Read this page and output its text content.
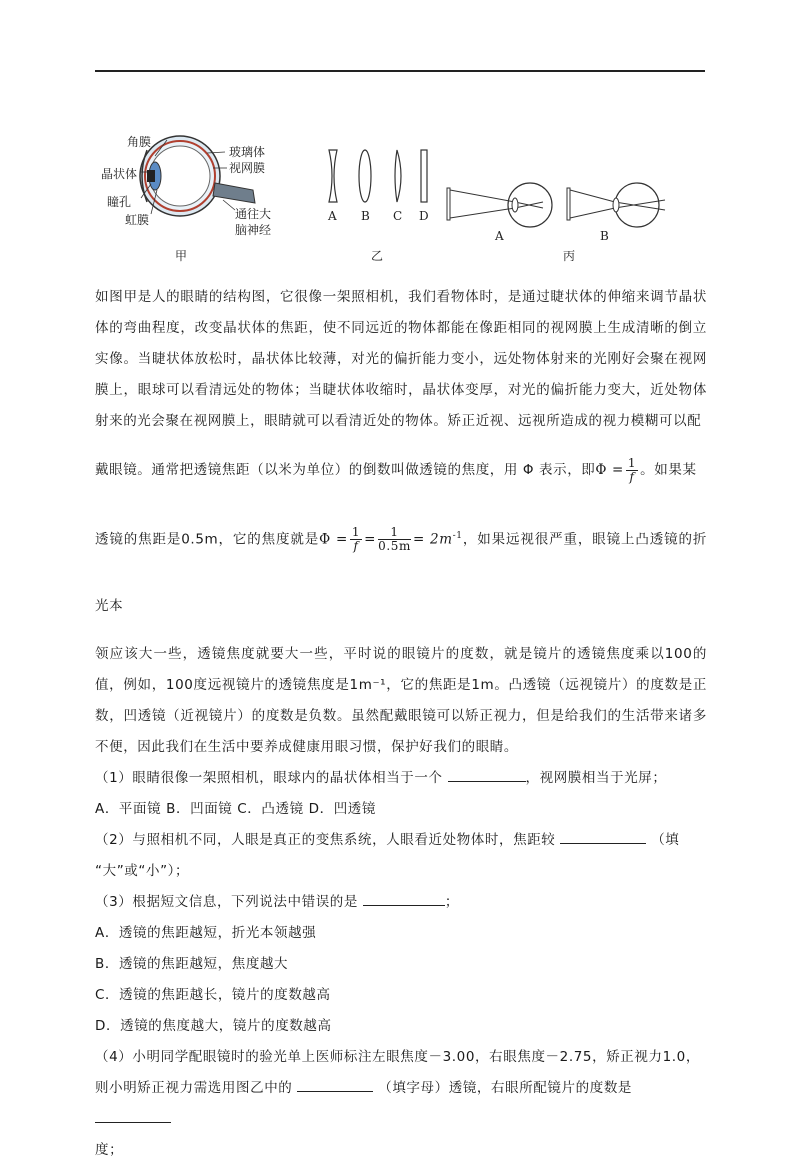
角膜
晶状体
瞳孔
虹膜
玻璃体
视网膜
通往大
脑神经
甲
A B C D
乙
A	B
丙

如图甲是人的眼睛的结构图，它很像一架照相机，我们看物体时，是通过睫状体的伸缩来调节晶状体的弯曲程度，改变晶状体的焦距，使不同远近的物体都能在像距相同的视网膜上生成清晰的倒立实像。当睫状体放松时，晶状体比较薄，对光的偏折能力变小，远处物体射来的光刚好会聚在视网膜上，眼球可以看清远处的物体；当睫状体收缩时，晶状体变厚，对光的偏折能力变大，近处物体射来的光会聚在视网膜上，眼睛就可以看清近处的物体。矫正近视、远视所造成的视力模糊可以配

戴眼镜。通常把透镜焦距（以米为单位）的倒数叫做透镜的焦度，用 Φ 表示，即$\Phi = \frac{1}{f}$ 。如果某

透镜的焦距是0.5m，它的焦度就是$\Phi = \frac{1}{f} = \frac{1}{0.5m} = 2m^{-1}$，如果远视很严重，眼镜上凸透镜的折光本

领应该大一些，透镜焦度就要大一些，平时说的眼镜片的度数，就是镜片的透镜焦度乘以100的值，例如，100度远视镜片的透镜焦度是1m⁻¹，它的焦距是1m。凸透镜（远视镜片）的度数是正数，凹透镜（近视镜片）的度数是负数。虽然配戴眼镜可以矫正视力，但是给我们的生活带来诸多不便，因此我们在生活中要养成健康用眼习惯，保护好我们的眼睛。

（1）眼睛很像一架照相机，眼球内的晶状体相当于一个	，视网膜相当于光屏；

A．平面镜 B．凹面镜 C．凸透镜 D．凹透镜

（2）与照相机不同，人眼是真正的变焦系统，人眼看近处物体时，焦距较	（填

“大”或“小”）；

（3）根据短文信息，下列说法中错误的是	；

A．透镜的焦距越短，折光本领越强

B．透镜的焦距越短，焦度越大

C．透镜的焦距越长，镜片的度数越高

D．透镜的焦度越大，镜片的度数越高

（4）小明同学配眼镜时的验光单上医师标注左眼焦度－3.00，右眼焦度－2.75，矫正视力1.0，则小明矫正视力需选用图乙中的	（填字母）透镜，右眼所配镜片的度数是

度；
